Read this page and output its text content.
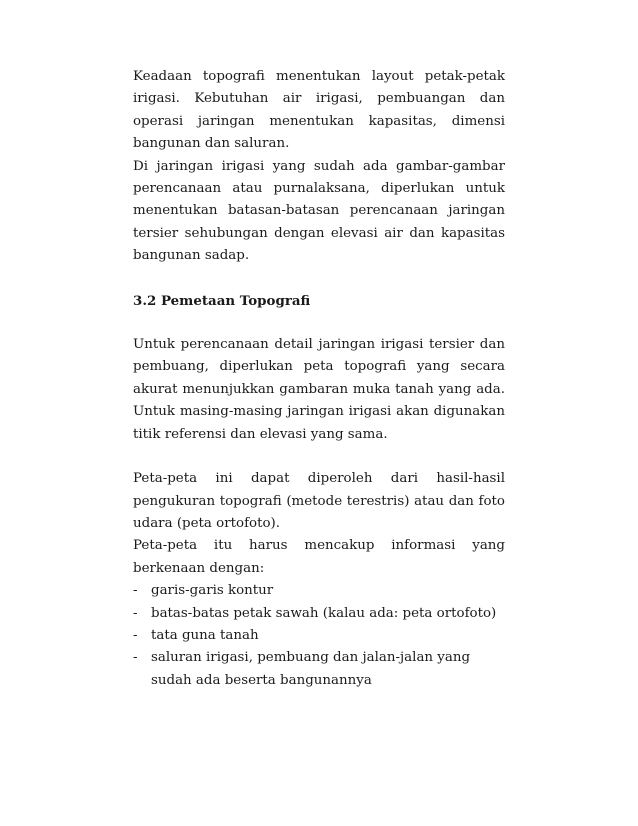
Keadaan topografi menentukan layout petak-petak irigasi. Kebutuhan air irigasi, pembuangan dan operasi jaringan menentukan kapasitas, dimensi bangunan dan saluran.

Di jaringan irigasi yang sudah ada gambar-gambar perencanaan atau purnalaksana, diperlukan untuk menentukan batasan-batasan perencanaan jaringan tersier sehubungan dengan elevasi air dan kapasitas bangunan sadap.

3.2 Pemetaan Topografi

Untuk perencanaan detail jaringan irigasi tersier dan pembuang, diperlukan peta topografi yang secara akurat menunjukkan gambaran muka tanah yang ada. Untuk masing-masing jaringan irigasi akan digunakan titik referensi dan elevasi yang sama.

Peta-peta ini dapat diperoleh dari hasil-hasil pengukuran topografi (metode terestris) atau dan foto udara (peta ortofoto).

Peta-peta itu harus mencakup informasi yang berkenaan dengan:

- garis-garis kontur
- batas-batas petak sawah (kalau ada: peta ortofoto)
- tata guna tanah
- saluran irigasi, pembuang dan jalan-jalan yang sudah ada beserta bangunannya
